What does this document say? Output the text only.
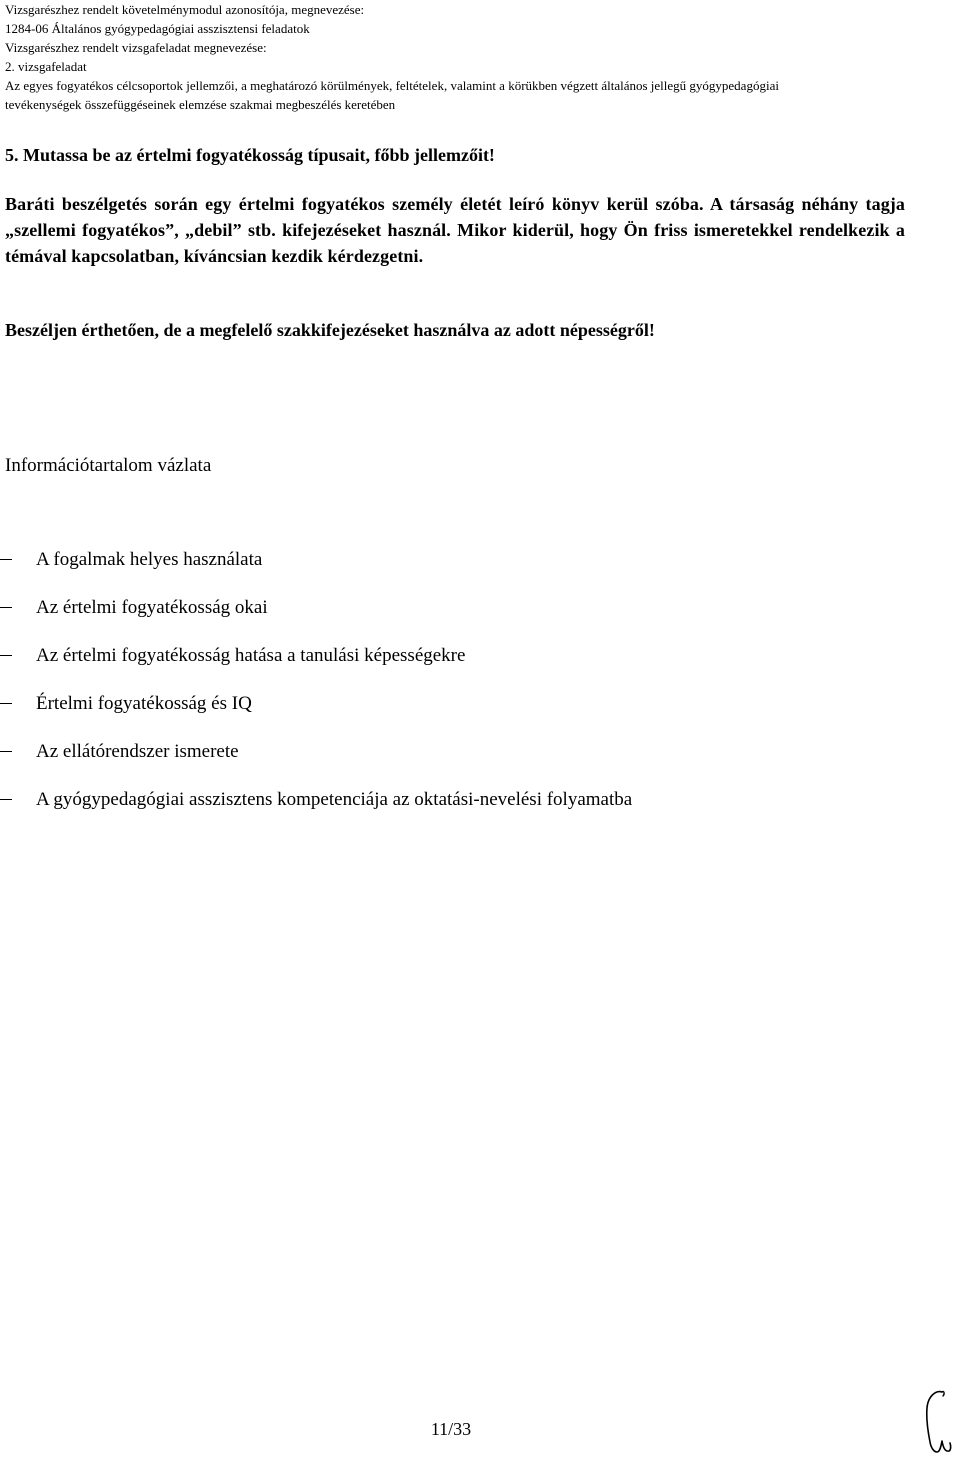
Vizsgarészhez rendelt követelménymodul azonosítója, megnevezése:
1284-06 Általános gyógypedagógiai asszisztensi feladatok
Vizsgarészhez rendelt vizsgafeladat megnevezése:
2. vizsgafeladat
Az egyes fogyatékos célcsoportok jellemzői, a meghatározó körülmények, feltételek, valamint a körükben végzett általános jellegű gyógypedagógiai
tevékenységek összefüggéseinek elemzése szakmai megbeszélés keretében
5. Mutassa be az értelmi fogyatékosság típusait, főbb jellemzőit!
Baráti beszélgetés során egy értelmi fogyatékos személy életét leíró könyv kerül szóba. A társaság néhány tagja „szellemi fogyatékos”, „debil” stb. kifejezéseket használ. Mikor kiderül, hogy Ön friss ismeretekkel rendelkezik a témával kapcsolatban, kíváncsian kezdik kérdezgetni.
Beszéljen érthetően, de a megfelelő szakkifejezéseket használva az adott népességről!
Információtartalom vázlata
A fogalmak helyes használata
Az értelmi fogyatékosság okai
Az értelmi fogyatékosság hatása a tanulási képességekre
Értelmi fogyatékosság és IQ
Az ellátórendszer ismerete
A gyógypedagógiai asszisztens kompetenciája az oktatási-nevelési folyamatba
11/33
